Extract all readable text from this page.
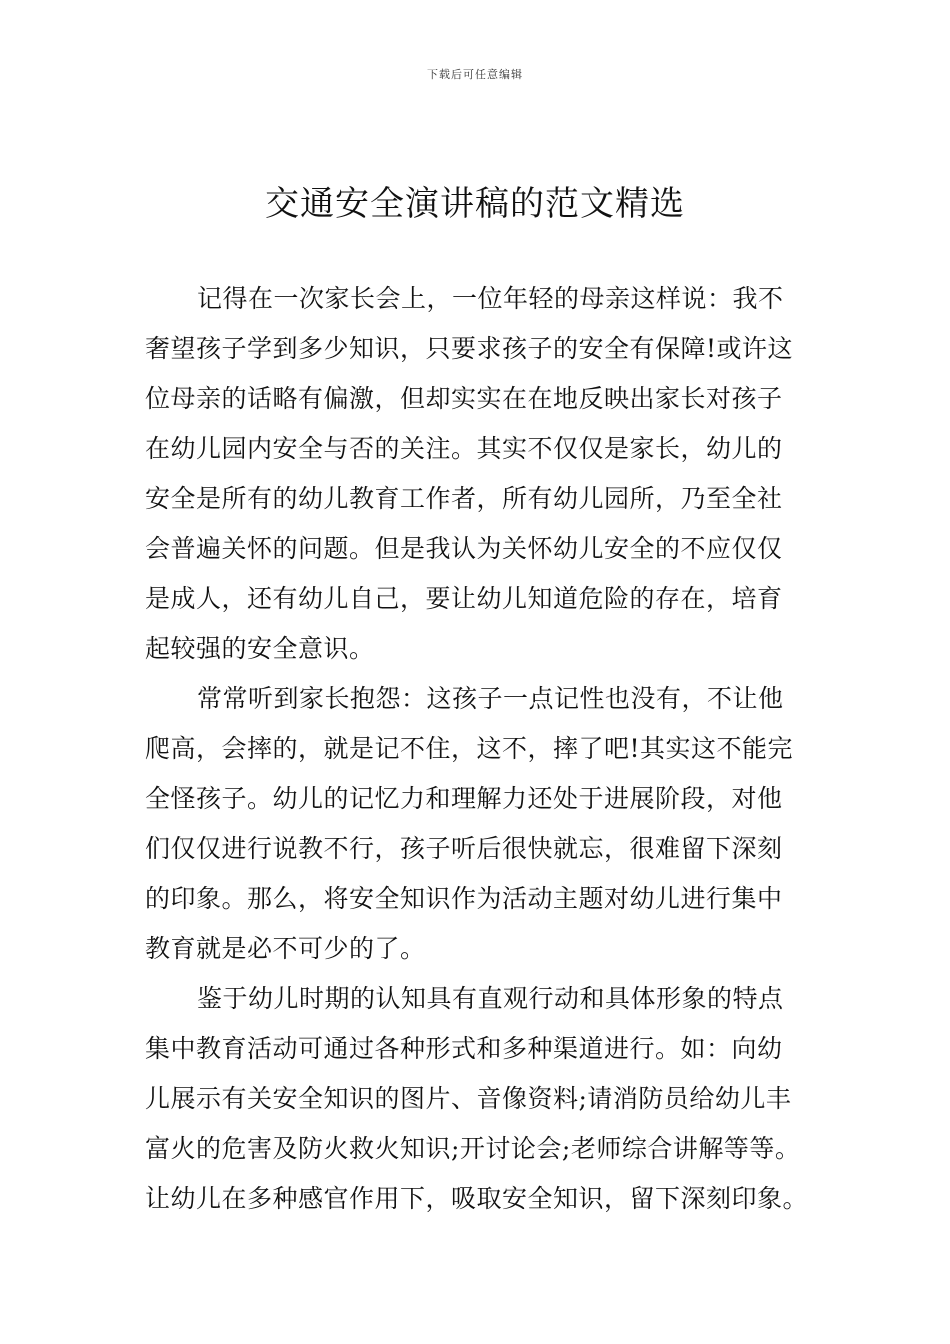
下载后可任意编辑
交通安全演讲稿的范文精选
记得在一次家长会上，一位年轻的母亲这样说：我不
奢望孩子学到多少知识，只要求孩子的安全有保障!或许这
位母亲的话略有偏激，但却实实在在地反映出家长对孩子
在幼儿园内安全与否的关注。其实不仅仅是家长，幼儿的
安全是所有的幼儿教育工作者，所有幼儿园所，乃至全社
会普遍关怀的问题。但是我认为关怀幼儿安全的不应仅仅
是成人，还有幼儿自己，要让幼儿知道危险的存在，培育
起较强的安全意识。
常常听到家长抱怨：这孩子一点记性也没有，不让他
爬高，会摔的，就是记不住，这不，摔了吧!其实这不能完
全怪孩子。幼儿的记忆力和理解力还处于进展阶段，对他
们仅仅进行说教不行，孩子听后很快就忘，很难留下深刻
的印象。那么，将安全知识作为活动主题对幼儿进行集中
教育就是必不可少的了。
鉴于幼儿时期的认知具有直观行动和具体形象的特点
集中教育活动可通过各种形式和多种渠道进行。如：向幼
儿展示有关安全知识的图片、音像资料;请消防员给幼儿丰
富火的危害及防火救火知识;开讨论会;老师综合讲解等等。
让幼儿在多种感官作用下，吸取安全知识，留下深刻印象。
